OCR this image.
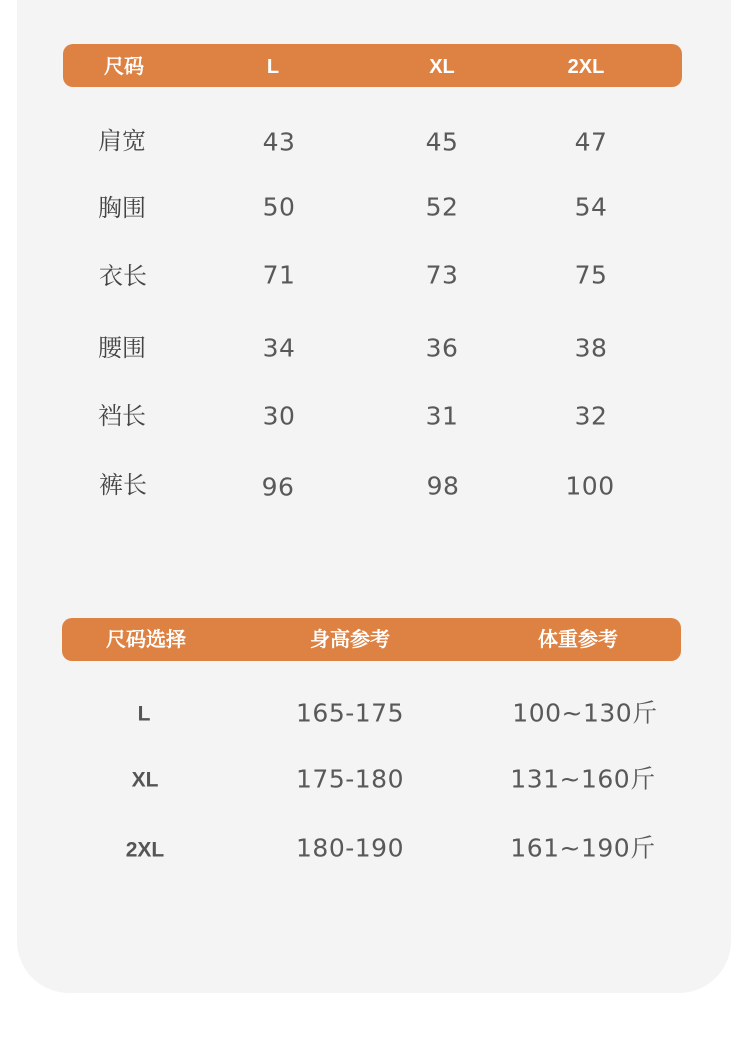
尺码	L	XL	2XL
肩宽	43	45	47
胸围	50	52	54
衣长	71	73	75
腰围	34	36	38
裆长	30	31	32
裤长	96	98	100
尺码选择	身高参考	体重参考
L	165-175	100~130斤
XL	175-180	131~160斤
2XL	180-190	161~190斤
